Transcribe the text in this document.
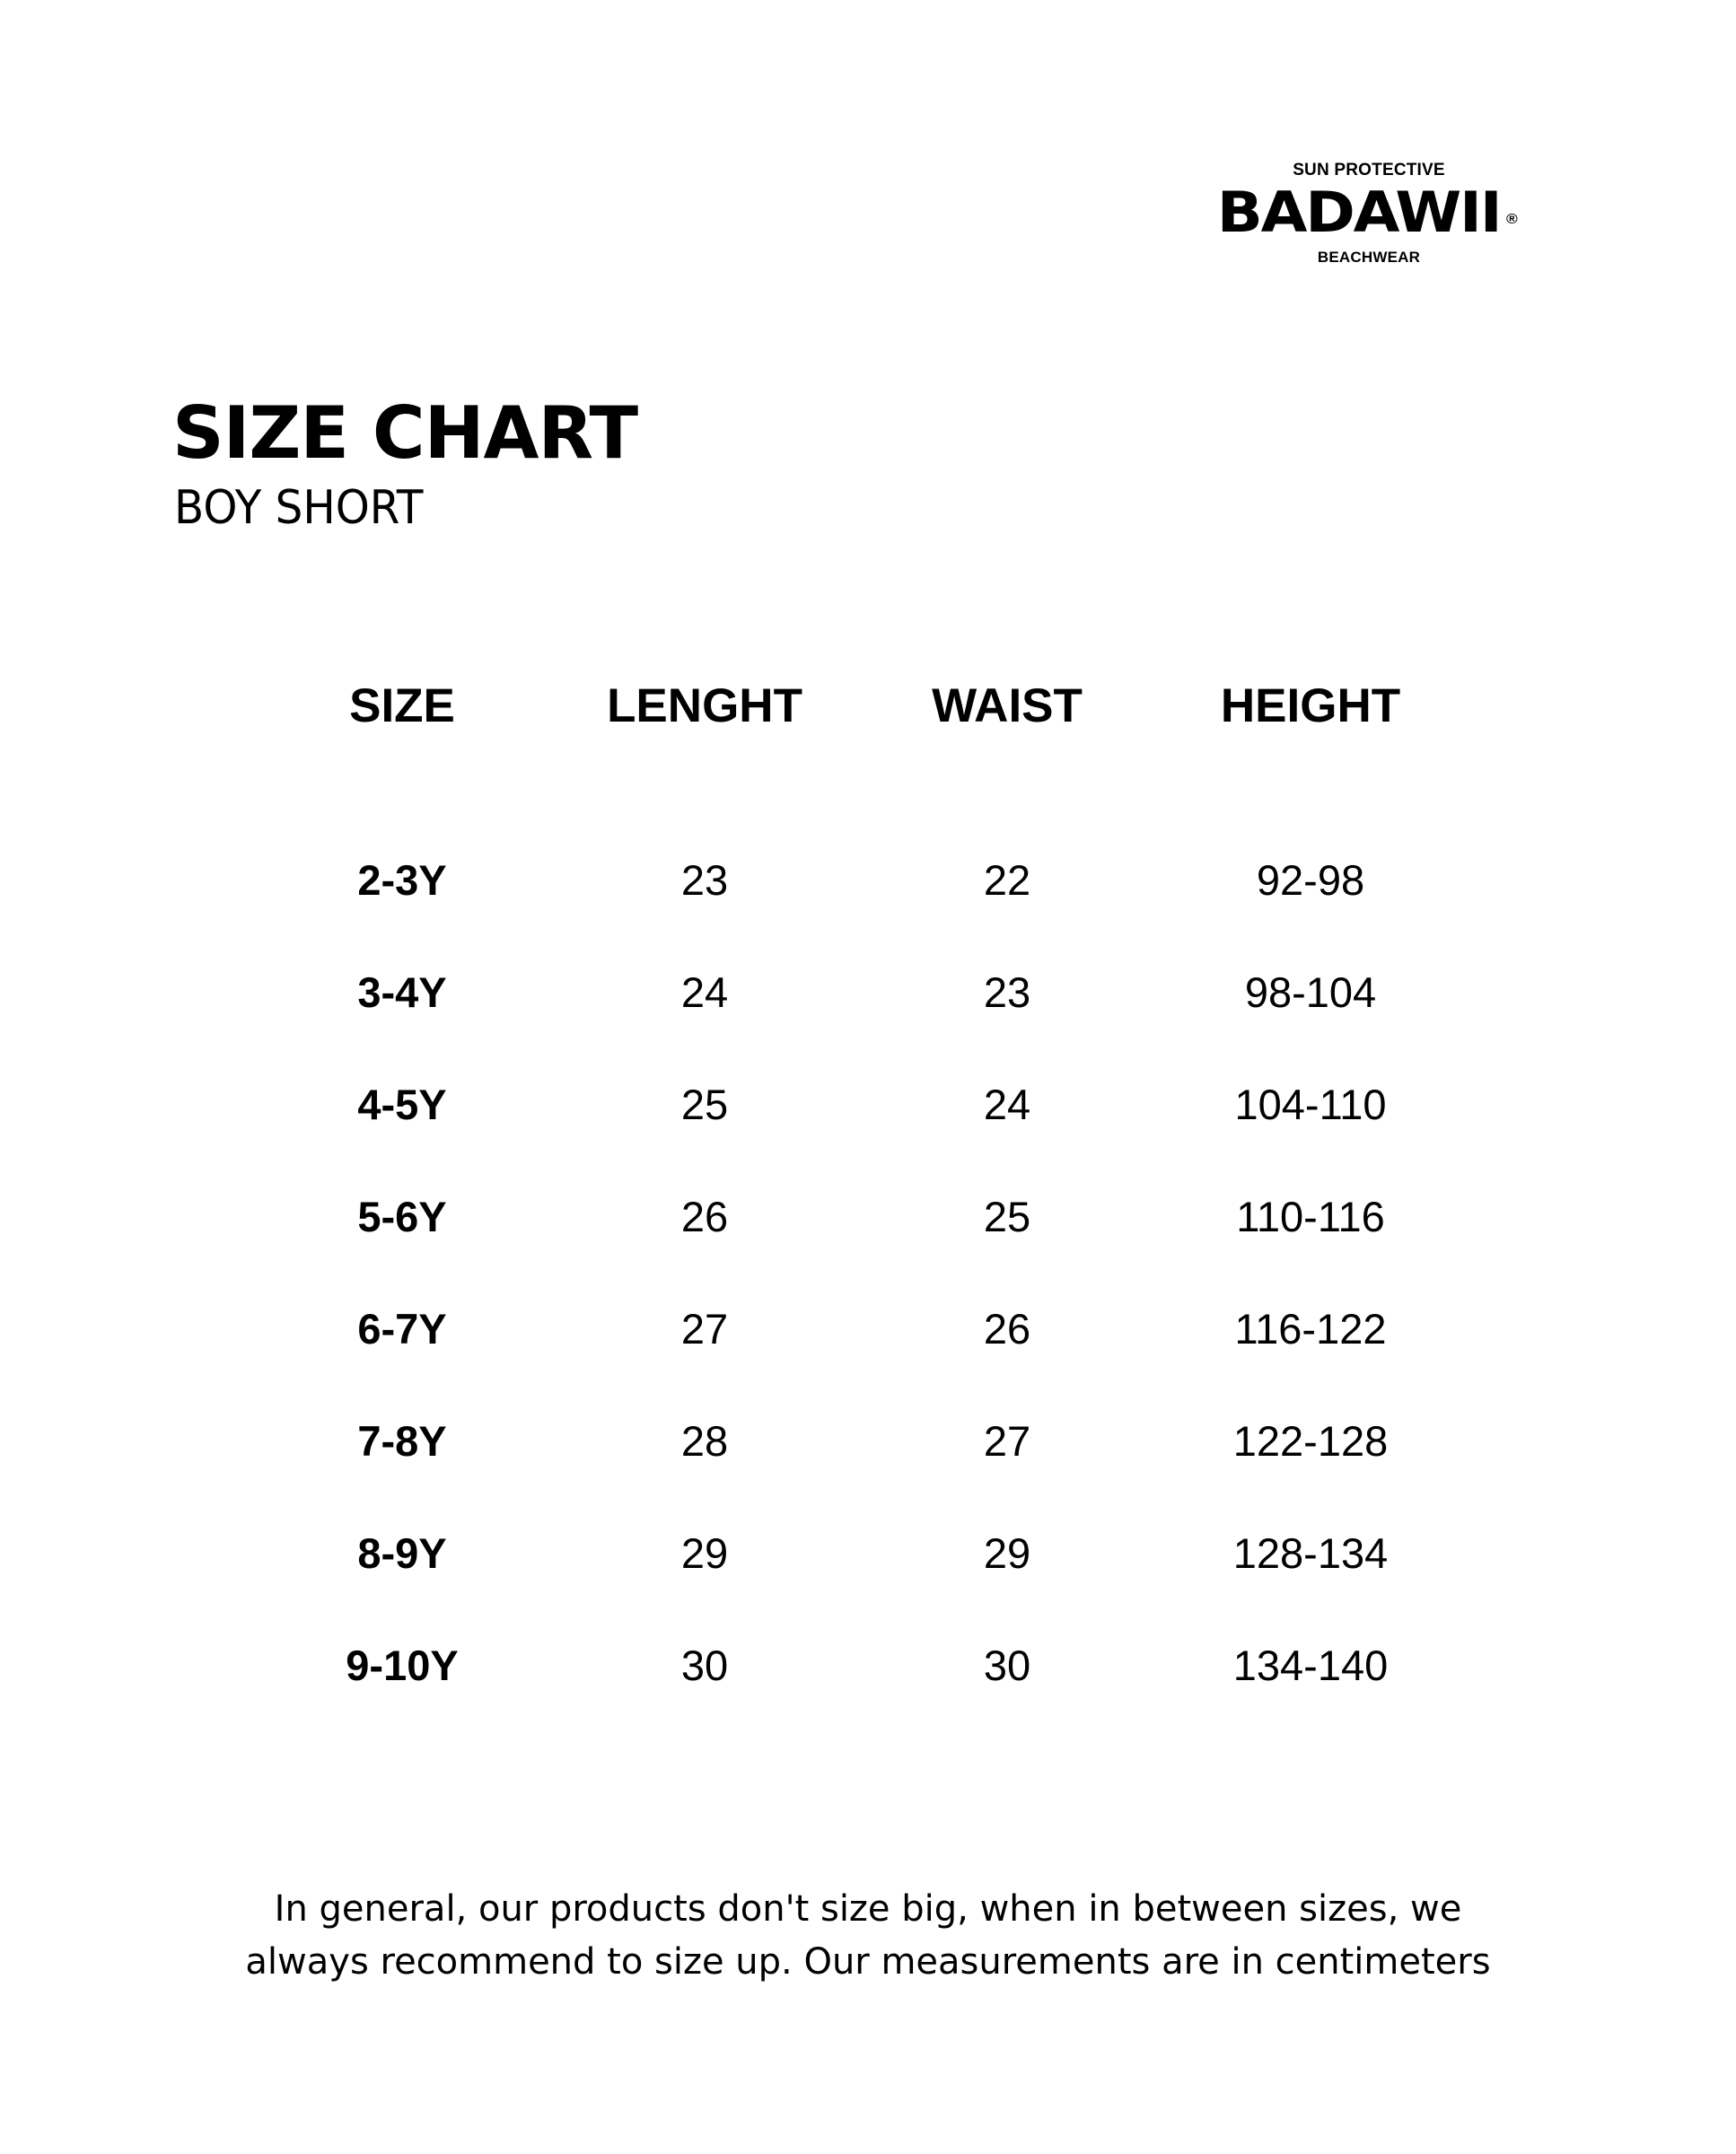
SUN PROTECTIVE
BADAWII ®
BEACHWEAR
SIZE CHART
BOY SHORT
SIZE	LENGHT	WAIST	HEIGHT
2-3Y	23	22	92-98
3-4Y	24	23	98-104
4-5Y	25	24	104-110
5-6Y	26	25	110-116
6-7Y	27	26	116-122
7-8Y	28	27	122-128
8-9Y	29	29	128-134
9-10Y	30	30	134-140

In general, our products don't size big, when in between sizes, we
always recommend to size up. Our measurements are in centimeters
